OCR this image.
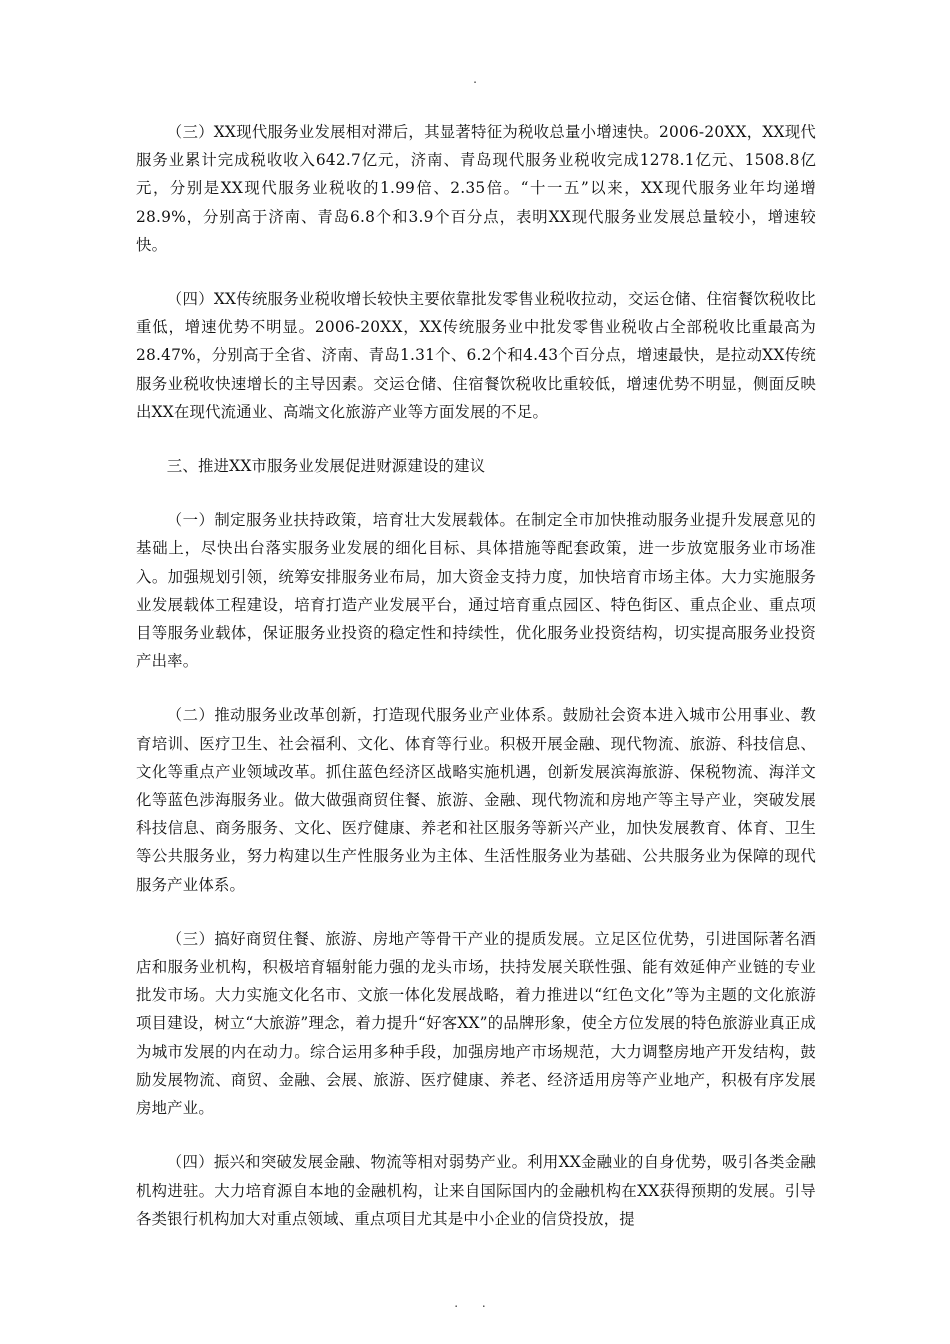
.

（三）XX现代服务业发展相对滞后，其显著特征为税收总量小增速快。2006-20XX，XX现代服务业累计完成税收收入642.7亿元，济南、青岛现代服务业税收完成1278.1亿元、1508.8亿元，分别是XX现代服务业税收的1.99倍、2.35倍。“十一五”以来，XX现代服务业年均递增28.9%，分别高于济南、青岛6.8个和3.9个百分点，表明XX现代服务业发展总量较小，增速较快。

（四）XX传统服务业税收增长较快主要依靠批发零售业税收拉动，交运仓储、住宿餐饮税收比重低，增速优势不明显。2006-20XX，XX传统服务业中批发零售业税收占全部税收比重最高为28.47%，分别高于全省、济南、青岛1.31个、6.2个和4.43个百分点，增速最快，是拉动XX传统服务业税收快速增长的主导因素。交运仓储、住宿餐饮税收比重较低，增速优势不明显，侧面反映出XX在现代流通业、高端文化旅游产业等方面发展的不足。

三、推进XX市服务业发展促进财源建设的建议

（一）制定服务业扶持政策，培育壮大发展载体。在制定全市加快推动服务业提升发展意见的基础上，尽快出台落实服务业发展的细化目标、具体措施等配套政策，进一步放宽服务业市场准入。加强规划引领，统筹安排服务业布局，加大资金支持力度，加快培育市场主体。大力实施服务业发展载体工程建设，培育打造产业发展平台，通过培育重点园区、特色街区、重点企业、重点项目等服务业载体，保证服务业投资的稳定性和持续性，优化服务业投资结构，切实提高服务业投资产出率。

（二）推动服务业改革创新，打造现代服务业产业体系。鼓励社会资本进入城市公用事业、教育培训、医疗卫生、社会福利、文化、体育等行业。积极开展金融、现代物流、旅游、科技信息、文化等重点产业领域改革。抓住蓝色经济区战略实施机遇，创新发展滨海旅游、保税物流、海洋文化等蓝色涉海服务业。做大做强商贸住餐、旅游、金融、现代物流和房地产等主导产业，突破发展科技信息、商务服务、文化、医疗健康、养老和社区服务等新兴产业，加快发展教育、体育、卫生等公共服务业，努力构建以生产性服务业为主体、生活性服务业为基础、公共服务业为保障的现代服务产业体系。

（三）搞好商贸住餐、旅游、房地产等骨干产业的提质发展。立足区位优势，引进国际著名酒店和服务业机构，积极培育辐射能力强的龙头市场，扶持发展关联性强、能有效延伸产业链的专业批发市场。大力实施文化名市、文旅一体化发展战略，着力推进以“红色文化”等为主题的文化旅游项目建设，树立“大旅游”理念，着力提升“好客XX”的品牌形象，使全方位发展的特色旅游业真正成为城市发展的内在动力。综合运用多种手段，加强房地产市场规范，大力调整房地产开发结构，鼓励发展物流、商贸、金融、会展、旅游、医疗健康、养老、经济适用房等产业地产，积极有序发展房地产业。

（四）振兴和突破发展金融、物流等相对弱势产业。利用XX金融业的自身优势，吸引各类金融机构进驻。大力培育源自本地的金融机构，让来自国际国内的金融机构在XX获得预期的发展。引导各类银行机构加大对重点领域、重点项目尤其是中小企业的信贷投放，提

. .
